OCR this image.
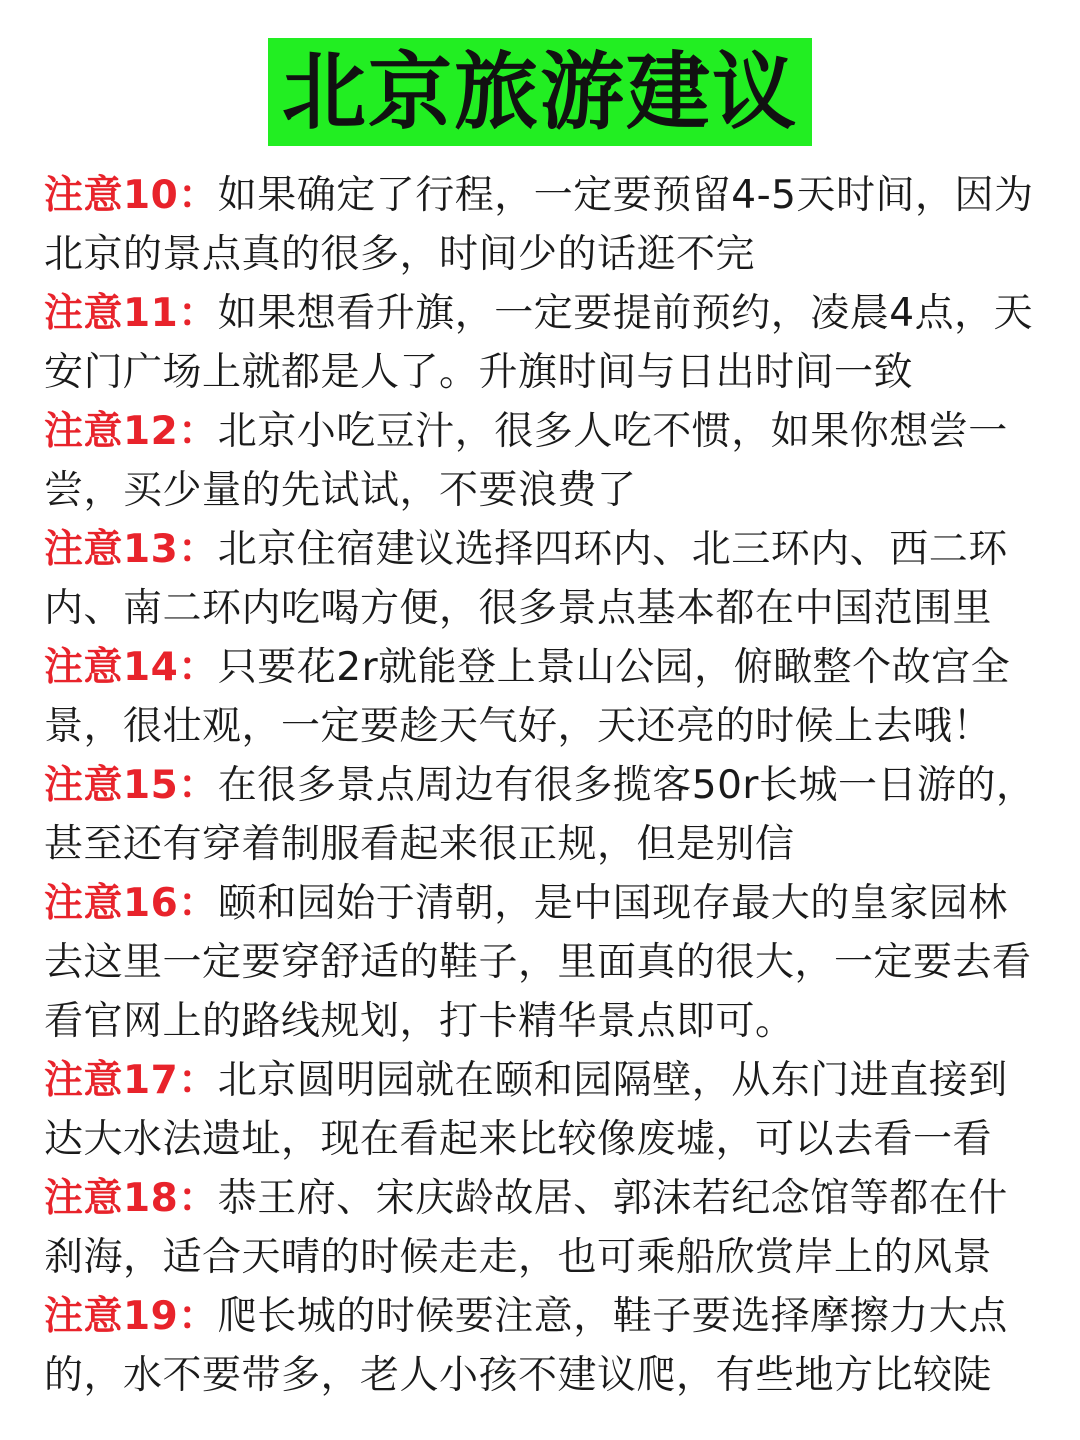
北京旅游建议

注意10：如果确定了行程，一定要预留4-5天时间，因为北京的景点真的很多，时间少的话逛不完

注意11：如果想看升旗，一定要提前预约，凌晨4点，天安门广场上就都是人了。升旗时间与日出时间一致

注意12：北京小吃豆汁，很多人吃不惯，如果你想尝一尝，买少量的先试试，不要浪费了

注意13：北京住宿建议选择四环内、北三环内、西二环内、南二环内吃喝方便，很多景点基本都在中国范围里

注意14：只要花2r就能登上景山公园，俯瞰整个故宫全景，很壮观，一定要趁天气好，天还亮的时候上去哦！

注意15：在很多景点周边有很多揽客50r长城一日游的，甚至还有穿着制服看起来很正规，但是别信

注意16：颐和园始于清朝，是中国现存最大的皇家园林去这里一定要穿舒适的鞋子，里面真的很大，一定要去看看官网上的路线规划，打卡精华景点即可。

注意17：北京圆明园就在颐和园隔壁，从东门进直接到达大水法遗址，现在看起来比较像废墟，可以去看一看

注意18：恭王府、宋庆龄故居、郭沫若纪念馆等都在什刹海，适合天晴的时候走走，也可乘船欣赏岸上的风景

注意19：爬长城的时候要注意，鞋子要选择摩擦力大点的，水不要带多，老人小孩不建议爬，有些地方比较陡
